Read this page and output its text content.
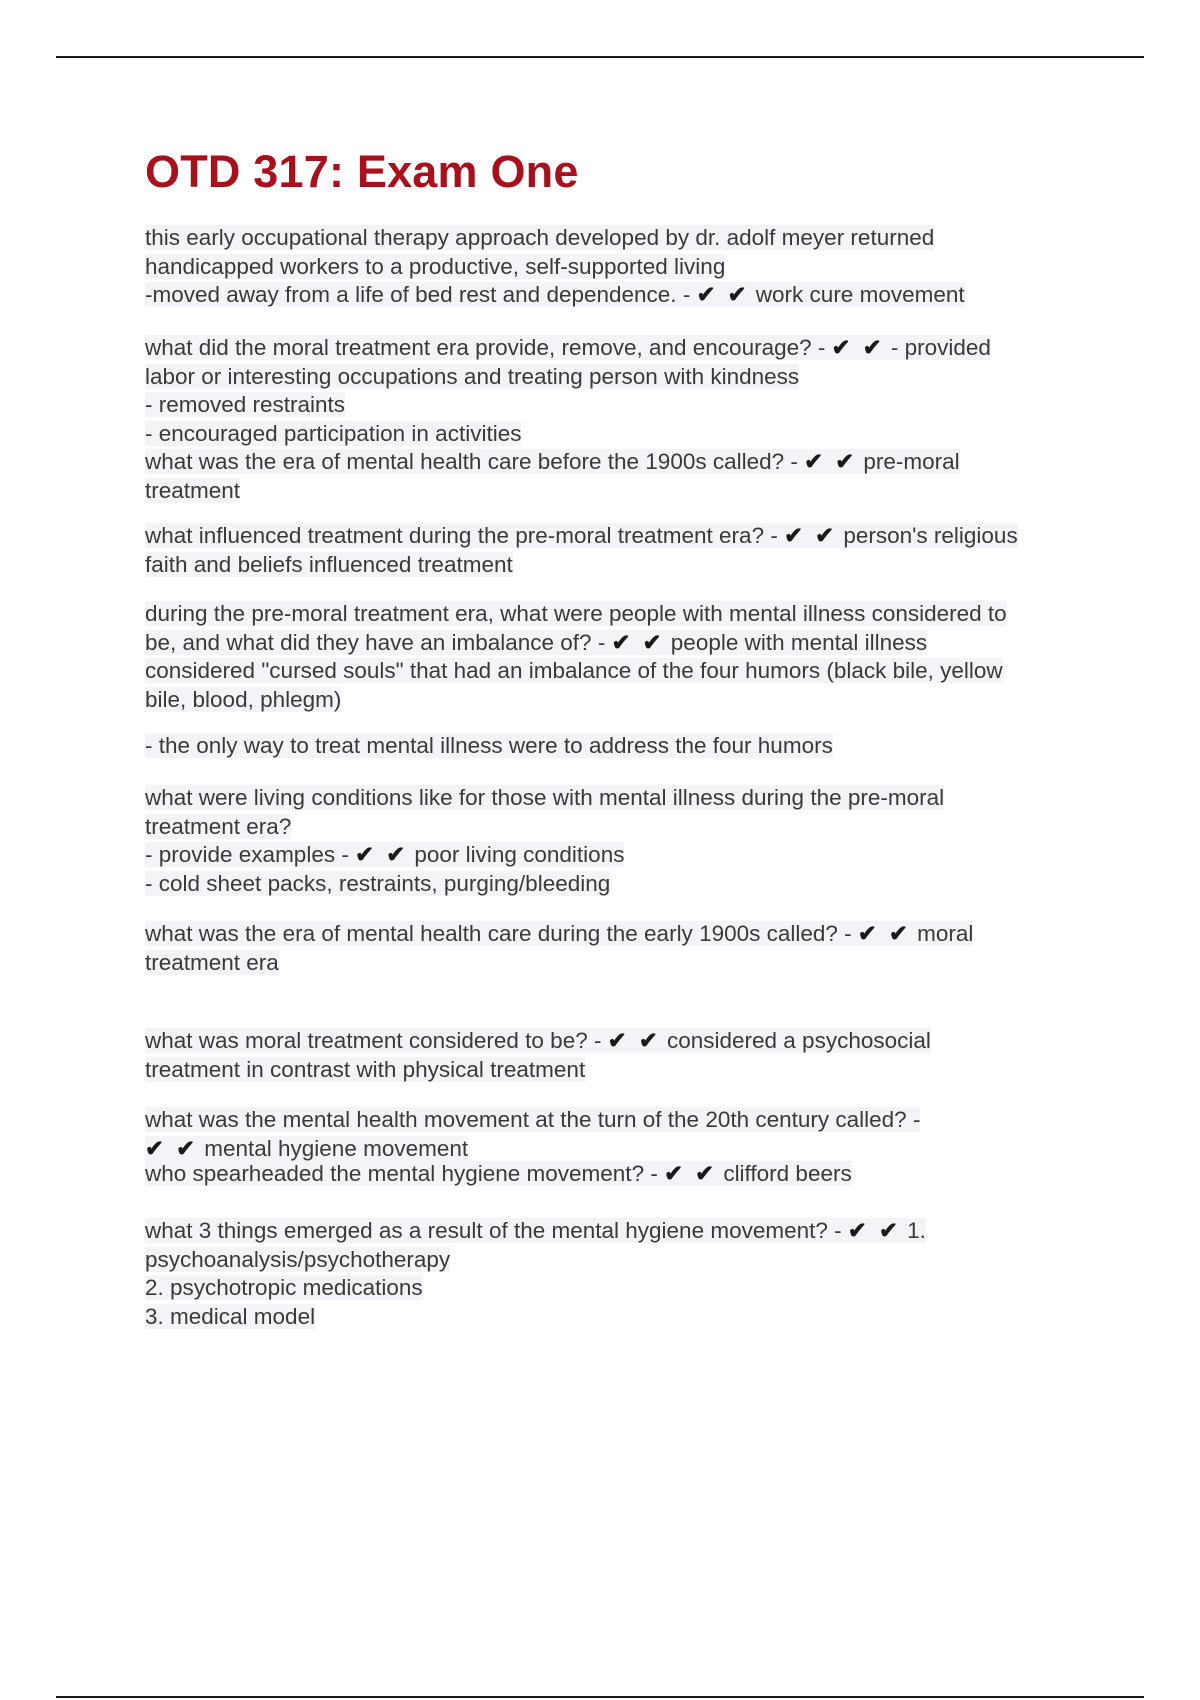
OTD 317: Exam One
this early occupational therapy approach developed by dr. adolf meyer returned
handicapped workers to a productive, self-supported living
-moved away from a life of bed rest and dependence. - ✔ ✔ work cure movement
what did the moral treatment era provide, remove, and encourage? - ✔ ✔ - provided
labor or interesting occupations and treating person with kindness
- removed restraints
- encouraged participation in activities
what was the era of mental health care before the 1900s called? - ✔ ✔ pre-moral
treatment
what influenced treatment during the pre-moral treatment era? - ✔ ✔ person's religious
faith and beliefs influenced treatment
during the pre-moral treatment era, what were people with mental illness considered to
be, and what did they have an imbalance of? - ✔ ✔ people with mental illness
considered "cursed souls" that had an imbalance of the four humors (black bile, yellow
bile, blood, phlegm)
- the only way to treat mental illness were to address the four humors
what were living conditions like for those with mental illness during the pre-moral
treatment era?
- provide examples - ✔ ✔ poor living conditions
- cold sheet packs, restraints, purging/bleeding
what was the era of mental health care during the early 1900s called? - ✔ ✔ moral
treatment era
what was moral treatment considered to be? - ✔ ✔ considered a psychosocial
treatment in contrast with physical treatment
what was the mental health movement at the turn of the 20th century called? -
✔ ✔ mental hygiene movement
who spearheaded the mental hygiene movement? - ✔ ✔ clifford beers
what 3 things emerged as a result of the mental hygiene movement? - ✔ ✔ 1.
psychoanalysis/psychotherapy
2. psychotropic medications
3. medical model
